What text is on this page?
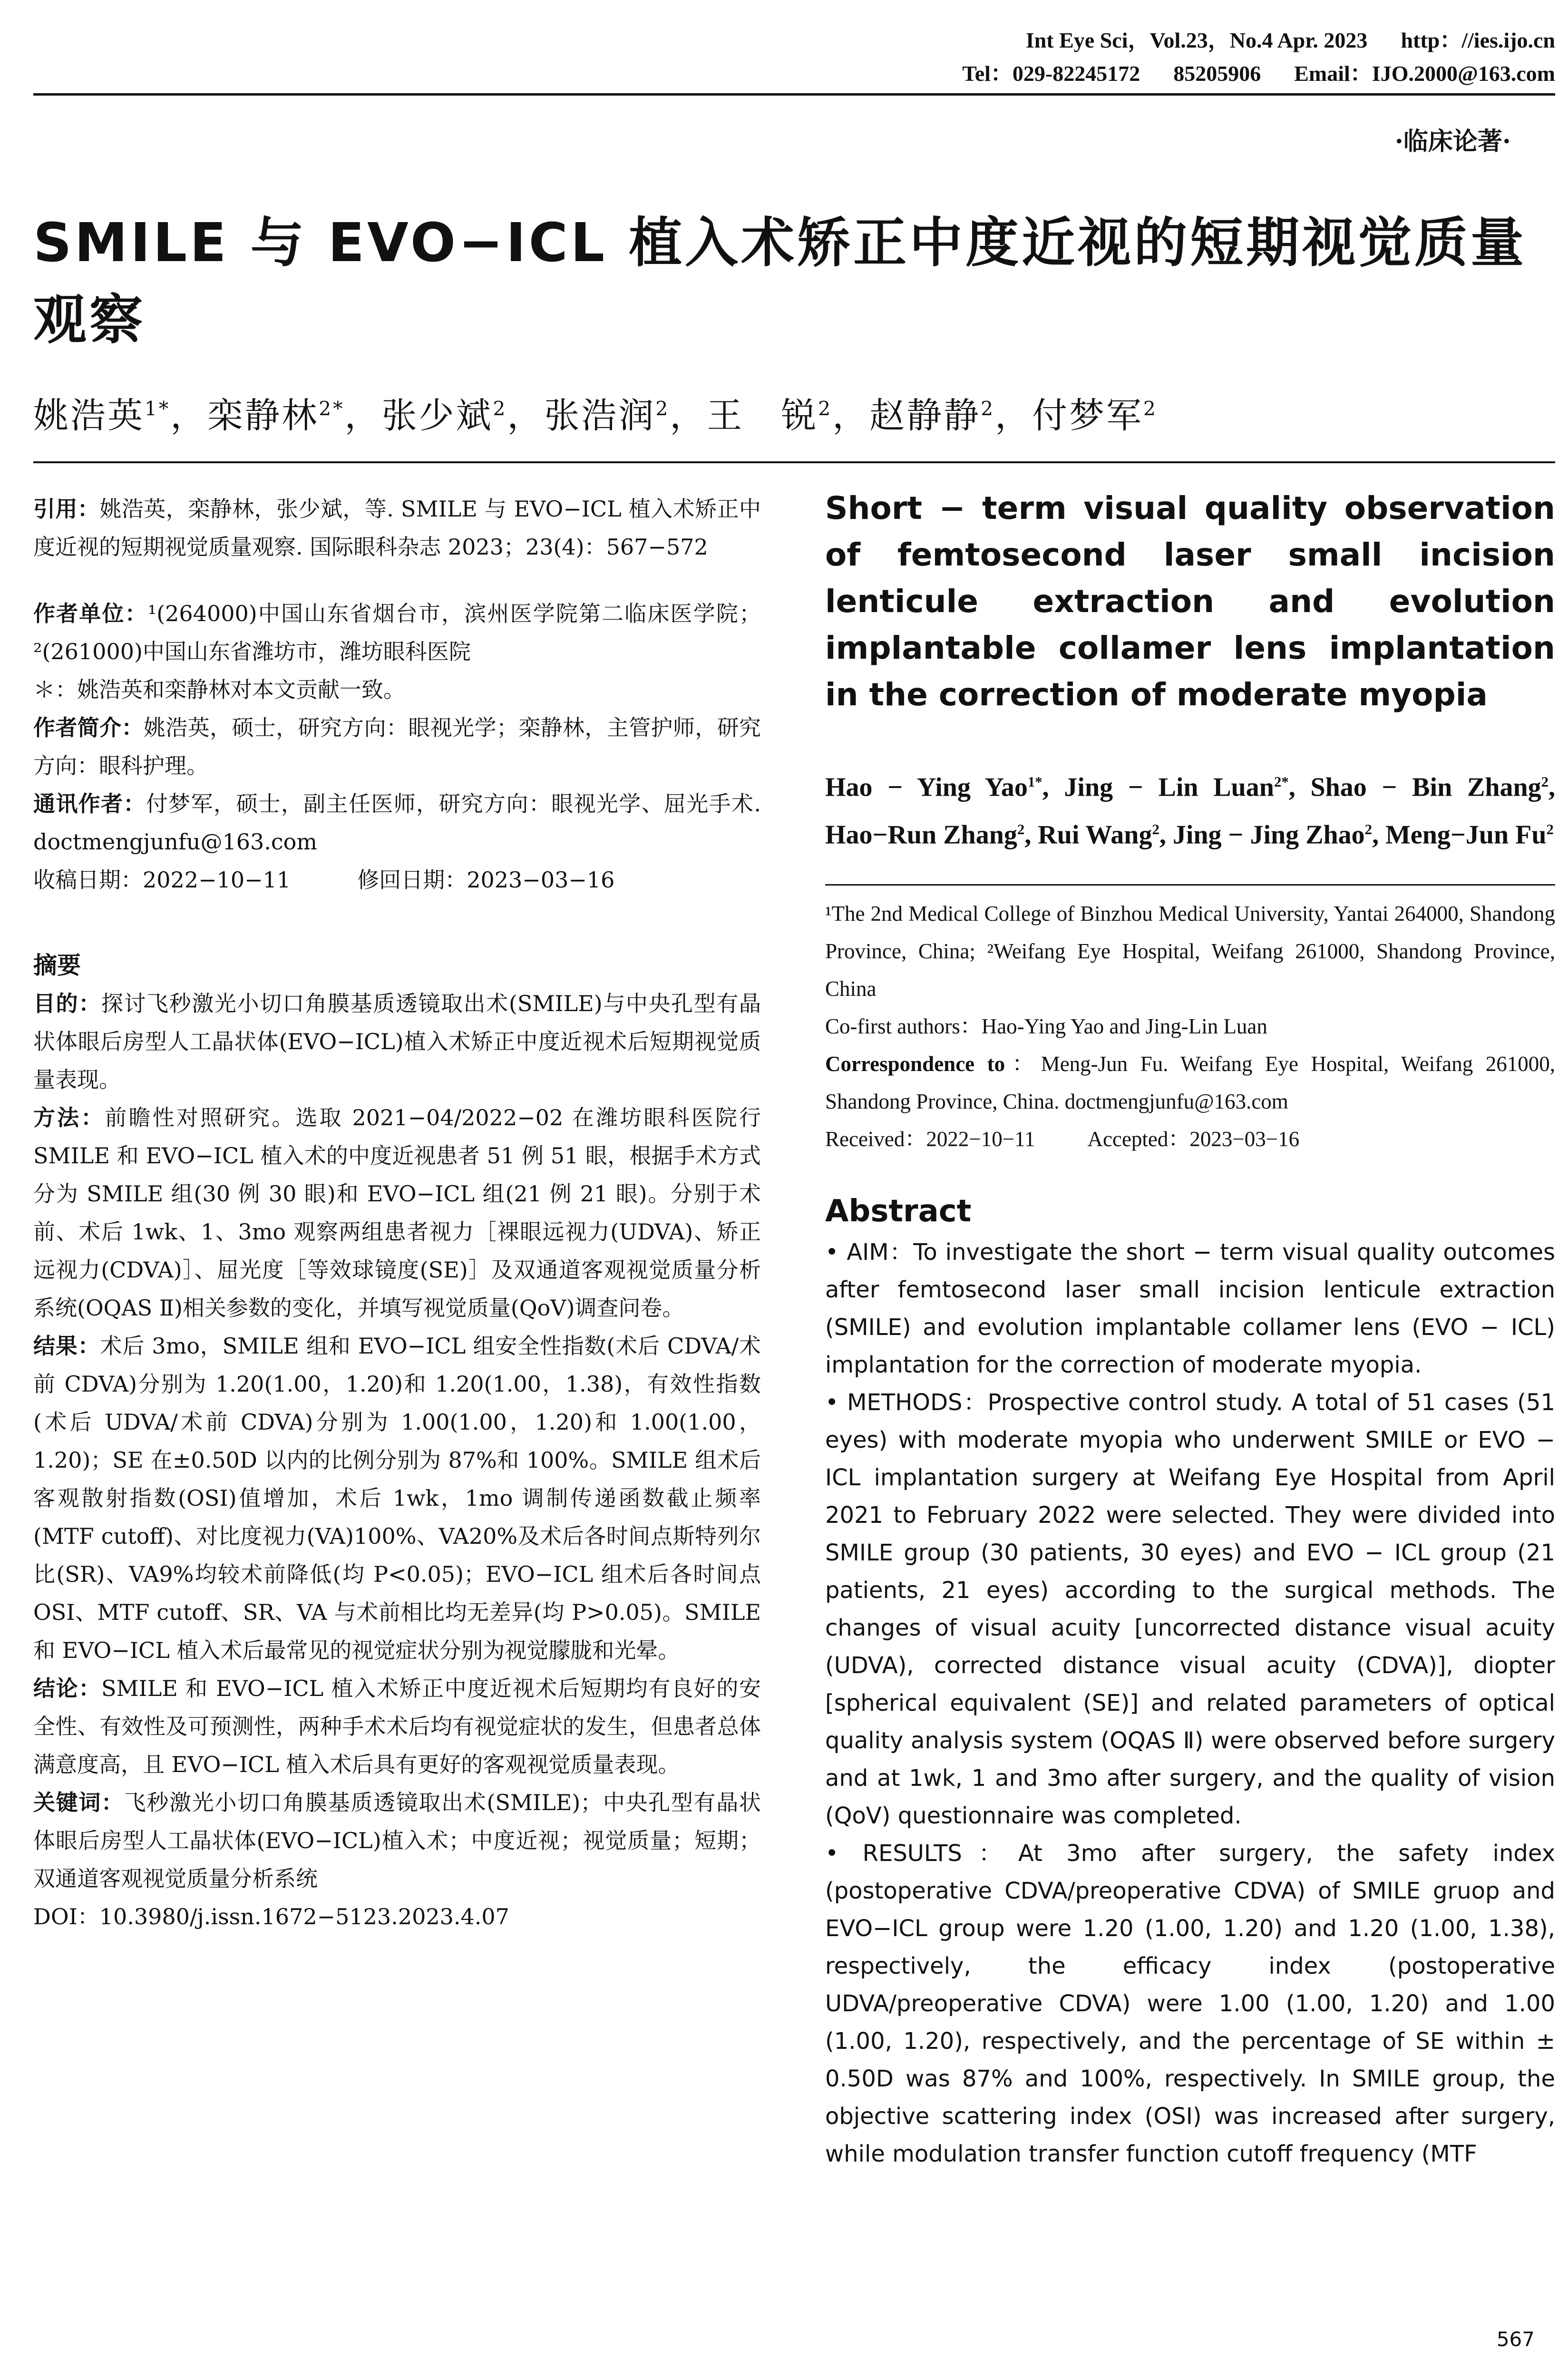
Int Eye Sci，Vol.23，No.4 Apr. 2023 http：//ies.ijo.cn
Tel：029-82245172 85205906 Email：IJO.2000@163.com
·临床论著·
SMILE 与 EVO−ICL 植入术矫正中度近视的短期视觉质量观察
姚浩英$^{1*}$，栾静林$^{2*}$，张少斌$^2$，张浩润$^2$，王　锐$^2$，赵静静$^2$，付梦军$^2$

引用：姚浩英，栾静林，张少斌，等. SMILE 与 EVO−ICL 植入术矫正中度近视的短期视觉质量观察. 国际眼科杂志 2023；23(4)：567−572

作者单位：¹(264000)中国山东省烟台市，滨州医学院第二临床医学院；²(261000)中国山东省潍坊市，潍坊眼科医院

＊：姚浩英和栾静林对本文贡献一致。

作者简介：姚浩英，硕士，研究方向：眼视光学；栾静林，主管护师，研究方向：眼科护理。

通讯作者：付梦军，硕士，副主任医师，研究方向：眼视光学、屈光手术. doctmengjunfu@163.com

收稿日期：2022−10−11	修回日期：2023−03−16

摘要

目的：探讨飞秒激光小切口角膜基质透镜取出术(SMILE)与中央孔型有晶状体眼后房型人工晶状体(EVO−ICL)植入术矫正中度近视术后短期视觉质量表现。

方法：前瞻性对照研究。选取 2021−04/2022−02 在潍坊眼科医院行 SMILE 和 EVO−ICL 植入术的中度近视患者 51 例 51 眼，根据手术方式分为 SMILE 组(30 例 30 眼)和 EVO−ICL 组(21 例 21 眼)。分别于术前、术后 1wk、1、3mo 观察两组患者视力［裸眼远视力(UDVA)、矫正远视力(CDVA)］、屈光度［等效球镜度(SE)］及双通道客观视觉质量分析系统(OQAS Ⅱ)相关参数的变化，并填写视觉质量(QoV)调查问卷。

结果：术后 3mo，SMILE 组和 EVO−ICL 组安全性指数(术后 CDVA/术前 CDVA)分别为 1.20(1.00，1.20)和 1.20(1.00，1.38)，有效性指数(术后 UDVA/术前 CDVA)分别为 1.00(1.00，1.20)和 1.00(1.00，1.20)；SE 在±0.50D 以内的比例分别为 87%和 100%。SMILE 组术后客观散射指数(OSI)值增加，术后 1wk，1mo 调制传递函数截止频率(MTF cutoff)、对比度视力(VA)100%、VA20%及术后各时间点斯特列尔比(SR)、VA9%均较术前降低(均 P<0.05)；EVO−ICL 组术后各时间点 OSI、MTF cutoff、SR、VA 与术前相比均无差异(均 P>0.05)。SMILE 和 EVO−ICL 植入术后最常见的视觉症状分别为视觉朦胧和光晕。

结论：SMILE 和 EVO−ICL 植入术矫正中度近视术后短期均有良好的安全性、有效性及可预测性，两种手术术后均有视觉症状的发生，但患者总体满意度高，且 EVO−ICL 植入术后具有更好的客观视觉质量表现。

关键词：飞秒激光小切口角膜基质透镜取出术(SMILE)；中央孔型有晶状体眼后房型人工晶状体(EVO−ICL)植入术；中度近视；视觉质量；短期；双通道客观视觉质量分析系统

DOI：10.3980/j.issn.1672−5123.2023.4.07

Short − term visual quality observation of femtosecond laser small incision lenticule extraction and evolution implantable collamer lens implantation in the correction of moderate myopia

Hao − Ying Yao$^{1*}$, Jing − Lin Luan$^{2*}$, Shao − Bin Zhang$^2$, Hao−Run Zhang$^2$, Rui Wang$^2$, Jing − Jing Zhao$^2$, Meng−Jun Fu$^2$

¹The 2nd Medical College of Binzhou Medical University, Yantai 264000, Shandong Province, China; ²Weifang Eye Hospital, Weifang 261000, Shandong Province, China

Co-first authors：Hao-Ying Yao and Jing-Lin Luan

Correspondence to：Meng-Jun Fu. Weifang Eye Hospital, Weifang 261000, Shandong Province, China. doctmengjunfu@163.com

Received：2022−10−11 Accepted：2023−03−16

Abstract

• AIM：To investigate the short − term visual quality outcomes after femtosecond laser small incision lenticule extraction (SMILE) and evolution implantable collamer lens (EVO − ICL) implantation for the correction of moderate myopia.

• METHODS：Prospective control study. A total of 51 cases (51 eyes) with moderate myopia who underwent SMILE or EVO − ICL implantation surgery at Weifang Eye Hospital from April 2021 to February 2022 were selected. They were divided into SMILE group (30 patients, 30 eyes) and EVO − ICL group (21 patients, 21 eyes) according to the surgical methods. The changes of visual acuity [uncorrected distance visual acuity (UDVA), corrected distance visual acuity (CDVA)], diopter [spherical equivalent (SE)] and related parameters of optical quality analysis system (OQAS Ⅱ) were observed before surgery and at 1wk, 1 and 3mo after surgery, and the quality of vision (QoV) questionnaire was completed.

• RESULTS：At 3mo after surgery, the safety index (postoperative CDVA/preoperative CDVA) of SMILE gruop and EVO−ICL group were 1.20 (1.00, 1.20) and 1.20 (1.00, 1.38), respectively, the efficacy index (postoperative UDVA/preoperative CDVA) were 1.00 (1.00, 1.20) and 1.00 (1.00, 1.20), respectively, and the percentage of SE within ± 0.50D was 87% and 100%, respectively. In SMILE group, the objective scattering index (OSI) was increased after surgery, while modulation transfer function cutoff frequency (MTF

567
